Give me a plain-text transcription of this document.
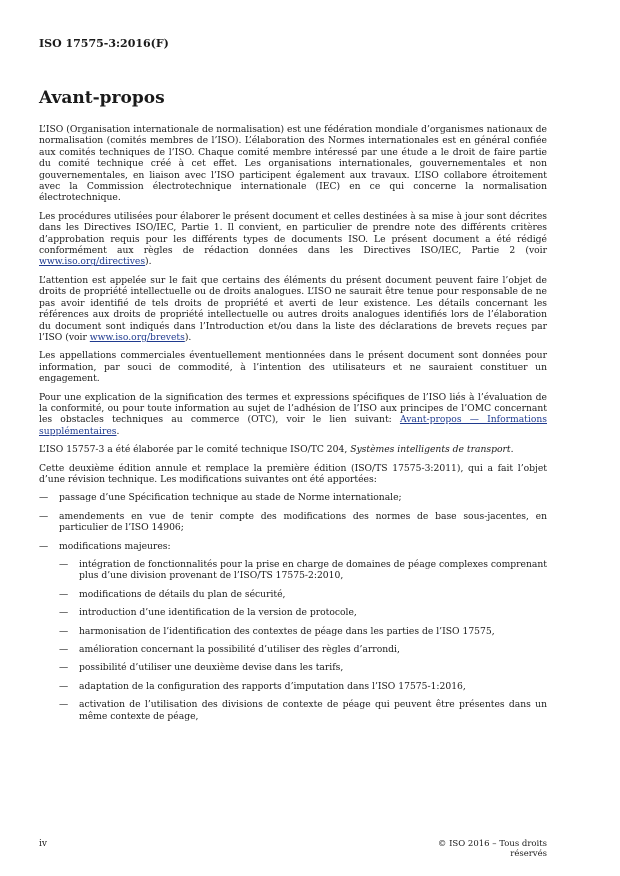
ISO 17575-3:2016(F)
Avant-propos

L’ISO (Organisation internationale de normalisation) est une fédération mondiale d’organismes nationaux de normalisation (comités membres de l’ISO). L’élaboration des Normes internationales est en général confiée aux comités techniques de l’ISO. Chaque comité membre intéressé par une étude a le droit de faire partie du comité technique créé à cet effet. Les organisations internationales, gouvernementales et non gouvernementales, en liaison avec l’ISO participent également aux travaux. L’ISO collabore étroitement avec la Commission électrotechnique internationale (IEC) en ce qui concerne la normalisation électrotechnique.

Les procédures utilisées pour élaborer le présent document et celles destinées à sa mise à jour sont décrites dans les Directives ISO/IEC, Partie 1. Il convient, en particulier de prendre note des différents critères d’approbation requis pour les différents types de documents ISO. Le présent document a été rédigé conformément aux règles de rédaction données dans les Directives ISO/IEC, Partie 2 (voir www.iso.org/directives).

L’attention est appelée sur le fait que certains des éléments du présent document peuvent faire l’objet de droits de propriété intellectuelle ou de droits analogues. L’ISO ne saurait être tenue pour responsable de ne pas avoir identifié de tels droits de propriété et averti de leur existence. Les détails concernant les références aux droits de propriété intellectuelle ou autres droits analogues identifiés lors de l’élaboration du document sont indiqués dans l’Introduction et/ou dans la liste des déclarations de brevets reçues par l’ISO (voir www.iso.org/brevets).

Les appellations commerciales éventuellement mentionnées dans le présent document sont données pour information, par souci de commodité, à l’intention des utilisateurs et ne sauraient constituer un engagement.

Pour une explication de la signification des termes et expressions spécifiques de l’ISO liés à l’évaluation de la conformité, ou pour toute information au sujet de l’adhésion de l’ISO aux principes de l’OMC concernant les obstacles techniques au commerce (OTC), voir le lien suivant: Avant-propos — Informations supplémentaires.

L’ISO 15757-3 a été élaborée par le comité technique ISO/TC 204, Systèmes intelligents de transport.

Cette deuxième édition annule et remplace la première édition (ISO/TS 17575-3:2011), qui a fait l’objet d’une révision technique. Les modifications suivantes ont été apportées:

—	passage d’une Spécification technique au stade de Norme internationale;
—	amendements en vue de tenir compte des modifications des normes de base sous-jacentes, en particulier de l’ISO 14906;
—	modifications majeures:
—	intégration de fonctionnalités pour la prise en charge de domaines de péage complexes comprenant plus d’une division provenant de l’ISO/TS 17575-2:2010,
—	modifications de détails du plan de sécurité,
—	introduction d’une identification de la version de protocole,
—	harmonisation de l’identification des contextes de péage dans les parties de l’ISO 17575,
—	amélioration concernant la possibilité d’utiliser des règles d’arrondi,
—	possibilité d’utiliser une deuxième devise dans les tarifs,
—	adaptation de la configuration des rapports d’imputation dans l’ISO 17575-1:2016,
—	activation de l’utilisation des divisions de contexte de péage qui peuvent être présentes dans un même contexte de péage,
iv	© ISO 2016 – Tous droits réservés
